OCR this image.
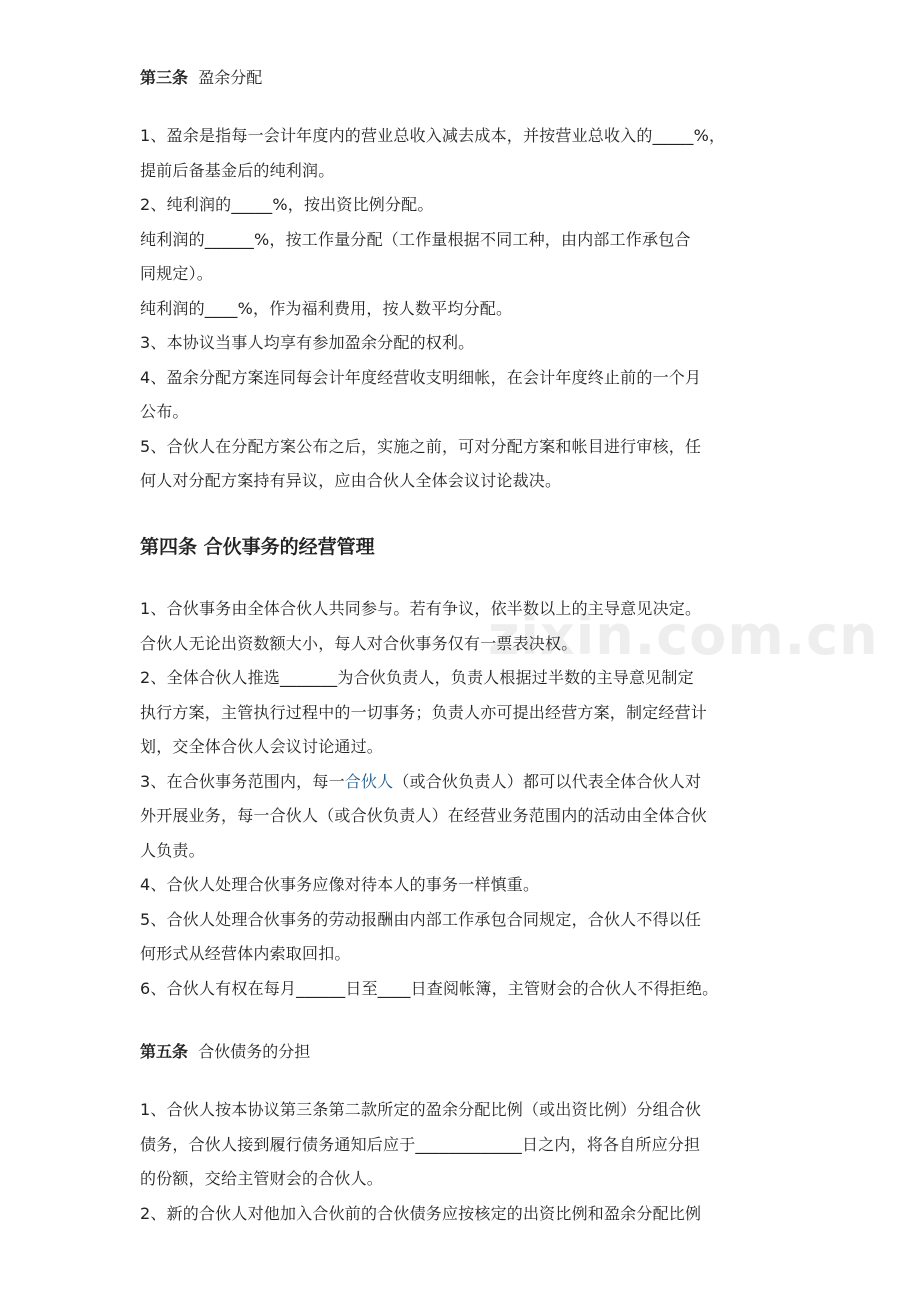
zixin.com.cn
第三条 盈余分配
1、盈余是指每一会计年度内的营业总收入减去成本，并按营业总收入的_____%，
提前后备基金后的纯利润。
2、纯利润的_____%，按出资比例分配。
纯利润的______%，按工作量分配（工作量根据不同工种，由内部工作承包合
同规定）。
纯利润的____%，作为福利费用，按人数平均分配。
3、本协议当事人均享有参加盈余分配的权利。
4、盈余分配方案连同每会计年度经营收支明细帐，在会计年度终止前的一个月
公布。
5、合伙人在分配方案公布之后，实施之前，可对分配方案和帐目进行审核，任
何人对分配方案持有异议，应由合伙人全体会议讨论裁决。
第四条 合伙事务的经营管理
1、合伙事务由全体合伙人共同参与。若有争议，依半数以上的主导意见决定。
合伙人无论出资数额大小，每人对合伙事务仅有一票表决权。
2、全体合伙人推选_______为合伙负责人，负责人根据过半数的主导意见制定
执行方案，主管执行过程中的一切事务；负责人亦可提出经营方案，制定经营计
划，交全体合伙人会议讨论通过。
3、在合伙事务范围内，每一合伙人（或合伙负责人）都可以代表全体合伙人对
外开展业务，每一合伙人（或合伙负责人）在经营业务范围内的活动由全体合伙
人负责。
4、合伙人处理合伙事务应像对待本人的事务一样慎重。
5、合伙人处理合伙事务的劳动报酬由内部工作承包合同规定，合伙人不得以任
何形式从经营体内索取回扣。
6、合伙人有权在每月______日至____日查阅帐簿，主管财会的合伙人不得拒绝。
第五条 合伙债务的分担
1、合伙人按本协议第三条第二款所定的盈余分配比例（或出资比例）分组合伙
债务，合伙人接到履行债务通知后应于_____________日之内，将各自所应分担
的份额，交给主管财会的合伙人。
2、新的合伙人对他加入合伙前的合伙债务应按核定的出资比例和盈余分配比例
